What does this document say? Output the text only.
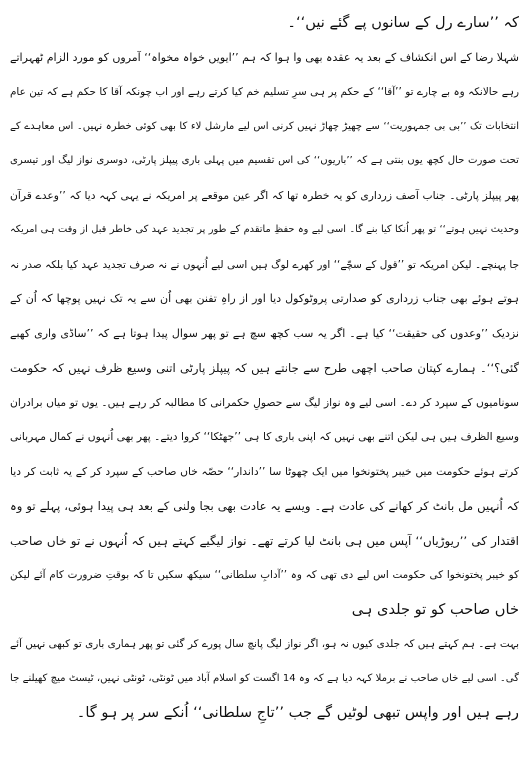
کہ ’’سارے رل کے سانوں پے گئے نیں‘‘۔
شہلا رضا کے اس انکشاف کے بعد یہ عقدہ بھی وا ہوا کہ ہم ’’ایویں خواہ مخواہ‘‘ آمروں کو مورد الزام ٹھہراتے
رہے حالانکہ وہ بے چارے تو ’’آقا‘‘ کے حکم پر ہی سرِ تسلیم خم کیا کرتے رہے اور اب چونکہ آقا کا حکم ہے کہ تین عام
انتخابات تک ’’بی بی جمہوریت‘‘ سے چھیڑ چھاڑ نہیں کرنی اس لیے مارشل لاء کا بھی کوئی خطرہ نہیں۔ اس معاہدے کے
تحت صورت حال کچھ یوں بنتی ہے کہ ’’باریوں‘‘ کی اس تقسیم میں پہلی باری پیپلز پارٹی، دوسری نواز لیگ اور تیسری
پھر پیپلز پارٹی۔ جناب آصف زرداری کو یہ خطرہ تھا کہ اگر عین موقعے پر امریکہ نے یہی کہہ دیا کہ ’’وعدے قرآن
وحدیث نہیں ہوتے‘‘ تو پھر اُنکا کیا بنے گا۔ اسی لیے وہ حفظِ ماتقدم کے طور پر تجدید عہد کی خاطر قبل از وقت ہی امریکہ
جا پہنچے۔ لیکن امریکہ تو ’’قول کے سچّے‘‘ اور کھرے لوگ ہیں اسی لیے اُنہوں نے نہ صرف تجدید عہد کیا بلکہ صدر نہ
ہوتے ہوئے بھی جناب زرداری کو صدارتی پروٹوکول دیا اور از راہِ تفنن بھی اُن سے یہ تک نہیں پوچھا کہ اُن کے
نزدیک ’’وعدوں کی حقیقت‘‘ کیا ہے۔ اگر یہ سب کچھ سچ ہے تو پھر سوال پیدا ہوتا ہے کہ ’’ساڈی واری کھبے
گئی؟‘‘۔ ہمارے کپتان صاحب اچھی طرح سے جانتے ہیں کہ پیپلز پارٹی اتنی وسیع ظرف نہیں کہ حکومت
سونامیوں کے سپرد کر دے۔ اسی لیے وہ نواز لیگ سے حصولِ حکمرانی کا مطالبہ کر رہے ہیں۔ یوں تو میاں برادران
وسیع الظرف ہیں ہی لیکن اتنے بھی نہیں کہ اپنی باری کا ہی ’’جھٹکا‘‘ کروا دیتے۔ پھر بھی اُنہوں نے کمال مہربانی
کرتے ہوئے حکومت میں خیبر پختونخوا میں ایک چھوٹا سا ’’داندار‘‘ حصّہ خاں صاحب کے سپرد کر کے یہ ثابت کر دیا
کہ اُنہیں مل بانٹ کر کھانے کی عادت ہے۔ ویسے یہ عادت بھی بجا ولنی کے بعد ہی پیدا ہوئی، پہلے تو وہ
اقتدار کی ’’ریوڑیاں‘‘ آپس میں ہی بانٹ لیا کرتے تھے۔ نواز لیگیے کہتے ہیں کہ اُنہوں نے تو خاں صاحب
کو خیبر پختونخوا کی حکومت اس لیے دی تھی کہ وہ ’’آدابِ سلطانی‘‘ سیکھ سکیں تا کہ بوقتِ ضرورت کام آئے لیکن
خاں صاحب کو تو جلدی ہی
بہت ہے۔ ہم کہتے ہیں کہ جلدی کیوں نہ ہو، اگر نواز لیگ پانچ سال پورے کر گئی تو پھر ہماری باری تو کبھی نہیں آئے
گی۔ اسی لیے خاں صاحب نے برملا کہہ دیا ہے کہ وہ 14 اگست کو اسلام آباد میں ٹونٹی، ٹونٹی نہیں، ٹیسٹ میچ کھیلنے جا
رہے ہیں اور واپس تبھی لوٹیں گے جب ’’تاجِ سلطانی‘‘ اُنکے سر پر ہو گا۔
